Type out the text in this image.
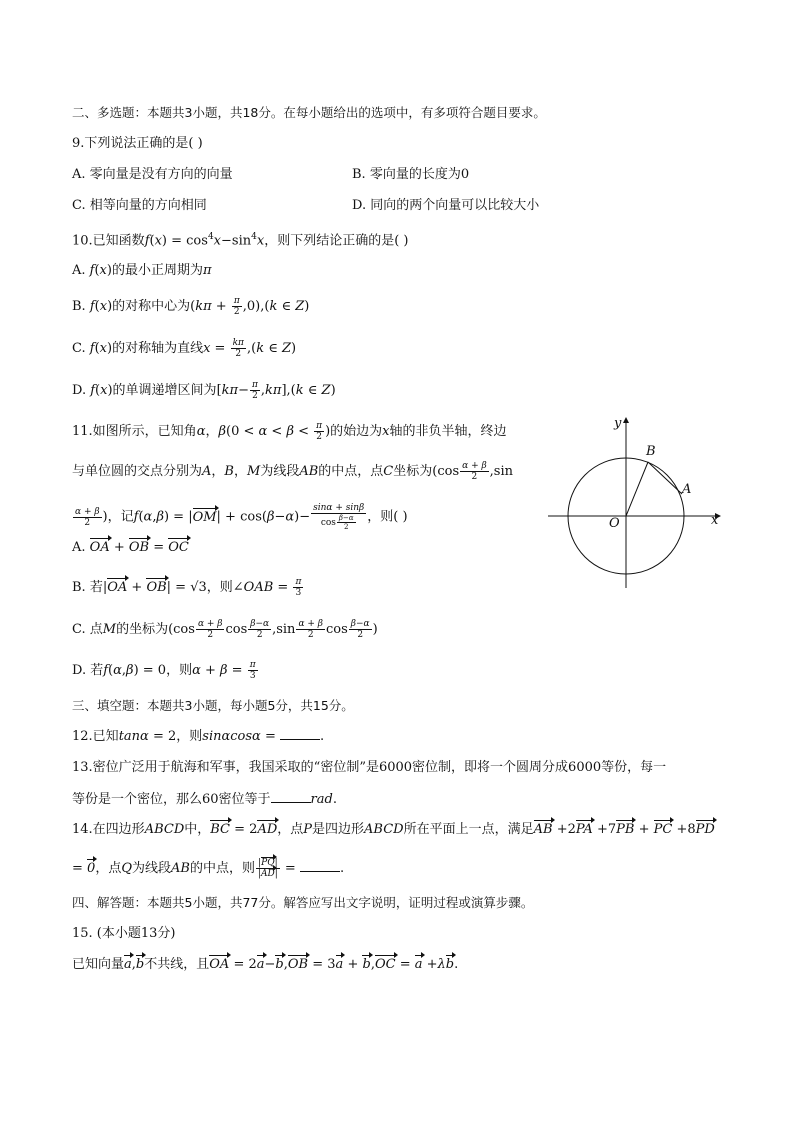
二、多选题：本题共3小题，共18分。在每小题给出的选项中，有多项符合题目要求。
9.下列说法正确的是( )
A. 零向量是没有方向的向量	B. 零向量的长度为0
C. 相等向量的方向相同	D. 同向的两个向量可以比较大小
10.已知函数$f(x) = \cos^4x-\sin^4x$，则下列结论正确的是( )
A. f(x)的最小正周期为π
B. f(x)的对称中心为$(k\pi + \frac{\pi}{2} ,0),(k$ ∈ Z)
C. f(x)的对称轴为直线$x = \frac{k\pi}{2} ,(k$ ∈ Z)
D. f(x)的单调递增区间为$[k\pi- \frac{\pi}{2} ,k\pi],(k$ ∈ Z)
11.如图所示，已知角α，$\beta(0 < \alpha < \beta < \frac{\pi}{2}$ )的始边为x轴的非负半轴，终边
与单位圆的交点分别为A，B，M为线段AB的中点，点C坐标为($\cos \frac{\alpha + \beta}{2} ,\sin$
$\frac{\alpha + \beta}{2}$ )，记$f(\alpha,\beta) = |OM| + \cos(\beta-\alpha)- \frac{\sin\alpha + \sin\beta}{\cos \frac{\beta-\alpha}{2}}$ ，则( )
A. OA + OB = OC
B. 若|OA + OB| = √3，则∠OAB = $\frac{\pi}{3}$
C. 点M的坐标为($\cos \frac{\alpha + \beta}{2}$ $\cos \frac{\beta-\alpha}{2} ,\sin \frac{\alpha + \beta}{2}$ $\cos \frac{\beta-\alpha}{2}$ )
D. 若f(α,β) = 0，则$\alpha + \beta = \frac{\pi}{3}$
y
x
B
A
O
三、填空题：本题共3小题，每小题5分，共15分。
12.已知tanα = 2，则sinαcosα =	.
13.密位广泛用于航海和军事，我国采取的“密位制”是6000密位制，即将一个圆周分成6000等份，每一
等份是一个密位，那么60密位等于	rad.
14.在四边形ABCD中，BC = 2AD，点P是四边形ABCD所在平面上一点，满足AB +2PA +7PB + PC +8PD
= 0，点Q为线段AB的中点，则 $\frac{|PQ|}{|AD|}$ =	.
四、解答题：本题共5小题，共77分。解答应写出文字说明，证明过程或演算步骤。
15. (本小题13分)
已知向量a,b不共线，且OA = 2a−b,OB = 3a + b,OC = a +λb.
